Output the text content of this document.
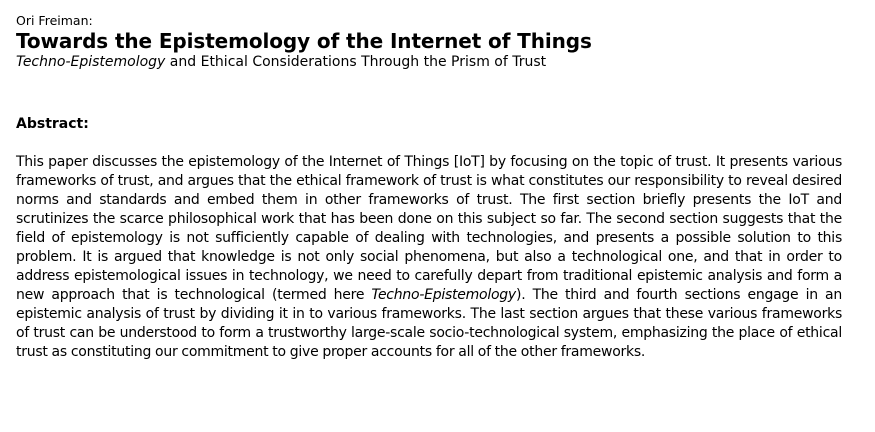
Ori Freiman:

Towards the Epistemology of the Internet of Things

Techno-Epistemology and Ethical Considerations Through the Prism of Trust

Abstract:

This paper discusses the epistemology of the Internet of Things [IoT] by focusing on the topic of trust. It presents various frameworks of trust, and argues that the ethical framework of trust is what constitutes our responsibility to reveal desired norms and standards and embed them in other frameworks of trust. The first section briefly presents the IoT and scrutinizes the scarce philosophical work that has been done on this subject so far. The second section suggests that the field of epistemology is not sufficiently capable of dealing with technologies, and presents a possible solution to this problem. It is argued that knowledge is not only social phenomena, but also a technological one, and that in order to address epistemological issues in technology, we need to carefully depart from traditional epistemic analysis and form a new approach that is technological (termed here Techno-Epistemology). The third and fourth sections engage in an epistemic analysis of trust by dividing it in to various frameworks. The last section argues that these various frameworks of trust can be understood to form a trustworthy large-scale socio-technological system, emphasizing the place of ethical trust as constituting our commitment to give proper accounts for all of the other frameworks.
